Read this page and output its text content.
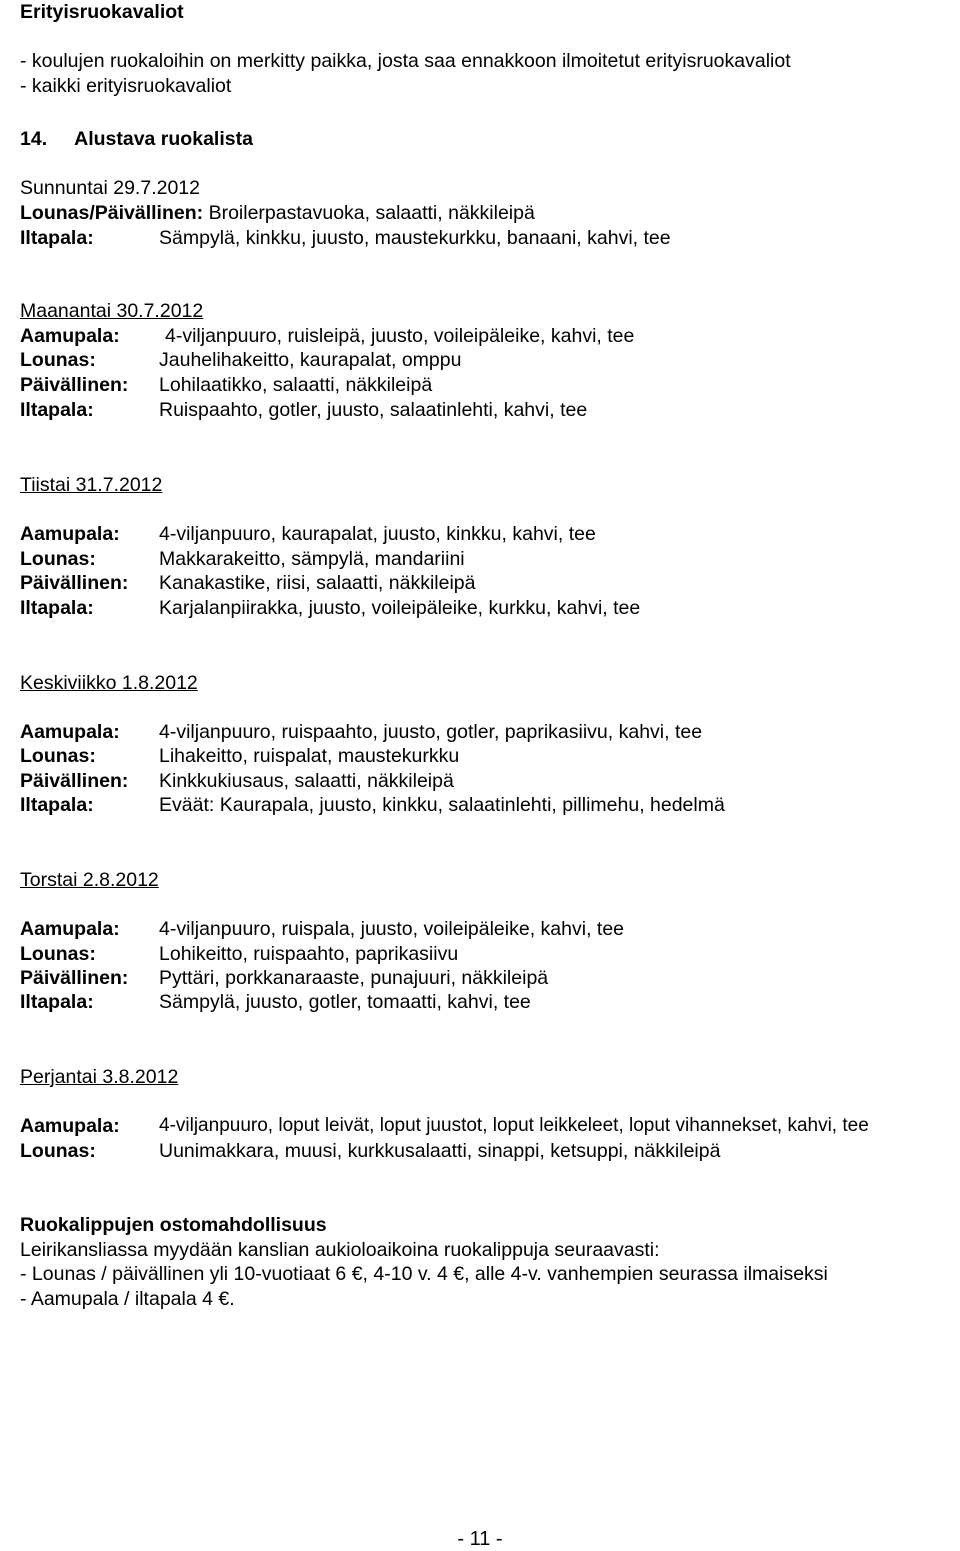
Erityisruokavaliot
- koulujen ruokaloihin on merkitty paikka, josta saa ennakkoon ilmoitetut erityisruokavaliot
- kaikki erityisruokavaliot
14. Alustava ruokalista
Sunnuntai 29.7.2012
Lounas/Päivällinen: Broilerpastavuoka, salaatti, näkkileipä
Iltapala:	Sämpylä, kinkku, juusto, maustekurkku, banaani, kahvi, tee
Maanantai 30.7.2012
Aamupala: 4-viljanpuuro, ruisleipä, juusto, voileipäleike, kahvi, tee
Lounas:	Jauhelihakeitto, kaurapalat, omppu
Päivällinen: Lohilaatikko, salaatti, näkkileipä
Iltapala:	Ruispaahto, gotler, juusto, salaatinlehti, kahvi, tee
Tiistai 31.7.2012
Aamupala: 4-viljanpuuro, kaurapalat, juusto, kinkku, kahvi, tee
Lounas:	Makkarakeitto, sämpylä, mandariini
Päivällinen: Kanakastike, riisi, salaatti, näkkileipä
Iltapala:	Karjalanpiirakka, juusto, voileipäleike, kurkku, kahvi, tee
Keskiviikko 1.8.2012
Aamupala: 4-viljanpuuro, ruispaahto, juusto, gotler, paprikasiivu, kahvi, tee
Lounas:	Lihakeitto, ruispalat, maustekurkku
Päivällinen: Kinkkukiusaus, salaatti, näkkileipä
Iltapala:	Eväät: Kaurapala, juusto, kinkku, salaatinlehti, pillimehu, hedelmä
Torstai 2.8.2012
Aamupala: 4-viljanpuuro, ruispala, juusto, voileipäleike, kahvi, tee
Lounas:	Lohikeitto, ruispaahto, paprikasiivu
Päivällinen: Pyttäri, porkkanaraaste, punajuuri, näkkileipä
Iltapala:	Sämpylä, juusto, gotler, tomaatti, kahvi, tee
Perjantai 3.8.2012
Aamupala: 4-viljanpuuro, loput leivät, loput juustot, loput leikkeleet, loput vihannekset, kahvi, tee
Lounas:	Uunimakkara, muusi, kurkkusalaatti, sinappi, ketsuppi, näkkileipä
Ruokalippujen ostomahdollisuus
Leirikansliassa myydään kanslian aukioloaikoina ruokalippuja seuraavasti:
- Lounas / päivällinen yli 10-vuotiaat 6 €, 4-10 v. 4 €, alle 4-v. vanhempien seurassa ilmaiseksi
- Aamupala / iltapala 4 €.
- 11 -
